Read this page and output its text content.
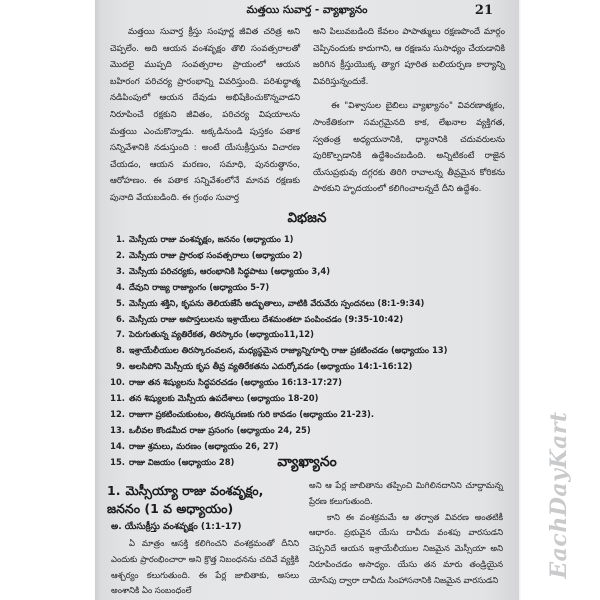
మత్తయి సువార్త - వ్యాఖ్యానం	21

మత్తయి సువార్త క్రీస్తు సంపూర్ణ జీవిత చరిత్ర అని చెప్పలేం. అది ఆయన వంశవృక్షం తొలి సంవత్సరాలతో మొదలై ముప్పది సంవత్సరాల ప్రాయంలో ఆయన బహిరంగ పరిచర్య ప్రారంభాన్ని వివరిస్తుంది. పరిశుద్ధాత్మ నడిపింపులో ఆయన దేవుడు అభిషేకించుకొన్నవాడని నిరూపించే రక్షకుని జీవితం, పరిచర్య విషయాలను మత్తయి ఎంచుకొన్నాడు. అక్కడినుండి పుస్తకం పతాక సన్నివేశానికి నడుస్తుంది : అంటే యేసుక్రీస్తును విచారణ చేయడం, ఆయన మరణం, సమాధి, పునరుత్థానం, ఆరోహణం. ఈ పతాక సన్నివేశంలోనే మానవ రక్షణకు పునాది వేయబడింది. ఈ గ్రంథం సువార్త

అని పిలువబడింది కేవలం పాపాత్ములు రక్షణపొందే మార్గం చెప్పినందుకు కాదుగాని, ఆ రక్షణను సుసాధ్యం చేయడానికి జరిగిన క్రీస్తుయొక్క త్యాగ పూరిత బలియర్పణ కార్యాన్ని వివరిస్తున్నందుకే.

ఈ "విశ్వాసుల బైబిలు వ్యాఖ్యానం" వివరణాత్మకం, సాంకేతికంగా సమగ్రమైనది కాక, లేఖనాల వ్యక్తిగత, స్వతంత్ర అధ్యయనానికి, ధ్యానానికి చదువరులను పురికొల్పడానికి ఉద్దేశించబడింది. అన్నిటికంటే రాజైన యేసుప్రభువు దగ్గరకు తిరిగి రావాలన్న తీవ్రమైన కోరికను పాఠకుని హృదయంలో కలిగించాలన్నదే దీని ఉద్దేశం.

విభజన
1. మెస్సీయ రాజు వంశవృక్షం, జననం (అధ్యాయం 1)
2. మెస్సీయ రాజు ప్రారంభ సంవత్సరాలు (అధ్యాయం 2)
3. మెస్సీయ పరిచర్యకు, ఆరంభానికి సిద్ధపాటు (అధ్యాయం 3,4)
4. దేవుని రాజ్య రాజ్యాంగం (అధ్యాయం 5-7)
5. మెస్సీయ శక్తిని, కృపను తెలియజేసే అద్భుతాలు, వాటికి వేరువేరు స్పందనలు (8:1-9:34)
6. మెస్సీయ రాజు అపొస్తలులను ఇశ్రాయేలు దేశమంతటా పంపించడం (9:35-10:42)
7. పెరుగుతున్న వ్యతిరేకత, తిరస్కారం (అధ్యాయం11,12)
8. ఇశ్రాయేలీయుల తిరస్కారంవలన, మధ్యస్థమైన రాజ్యాన్నిగూర్చి రాజు ప్రకటించడం (అధ్యాయం 13)
9. అలసిపోని మెస్సీయ కృప తీవ్ర వ్యతిరేకతను ఎదుర్కోవడం (అధ్యాయం 14:1-16:12)
10. రాజు తన శిష్యులను సిద్ధపరచడం (అధ్యాయం 16:13-17:27)
11. తన శిష్యులకు మెస్సీయ ఉపదేశాలు (అధ్యాయం 18-20)
12. రాజుగా ప్రకటించుకుంటం, తిరస్కరణకు గురి కావడం (అధ్యాయం 21-23).
13. ఒలీవల కొండమీద రాజు ప్రసంగం (అధ్యాయం 24, 25)
14. రాజు శ్రమలు, మరణం (అధ్యాయం 26, 27)
15. రాజు విజయం (అధ్యాయం 28)	వ్యాఖ్యానం
1. మెస్సీయ్యా రాజు వంశవృక్షం, జననం (1 వ అధ్యాయం)
అ. యేసుక్రీస్తు వంశవృక్షం (1:1-17)

ఏ మాత్రం ఆసక్తి కలిగించని వంశక్రమంతో దీనిని ఎందుకు ప్రారంభించారా అని క్రొత్త నిబంధనను చదివే వ్యక్తికి ఆశ్చర్యం కలుగుతుంది. ఈ పేర్ల జాబితాకు, అసలు అంశానికి ఏం సంబంధంలే

అని ఆ పేర్ల జాబితాను తప్పించి మిగిలినదానిని చూద్దామన్న ప్రేరణ కలుగుతుంది.

కాని ఈ వంశక్రమమే ఆ తర్వాత వివరణ అంతటికీ ఆధారం. ప్రభువైన యేసు దావీదు వంశపు వారసుడని చెప్పనిదే ఆయన ఇశ్రాయేలీయుల నిజమైన మెస్సీయా అని నిరూపించడం అసాధ్యం. యేసు తన మారు తండ్రియైన యోసేపు ద్వారా దావీదు సింహాసనానికి నిజమైన వారసుడని

EachDayKart
